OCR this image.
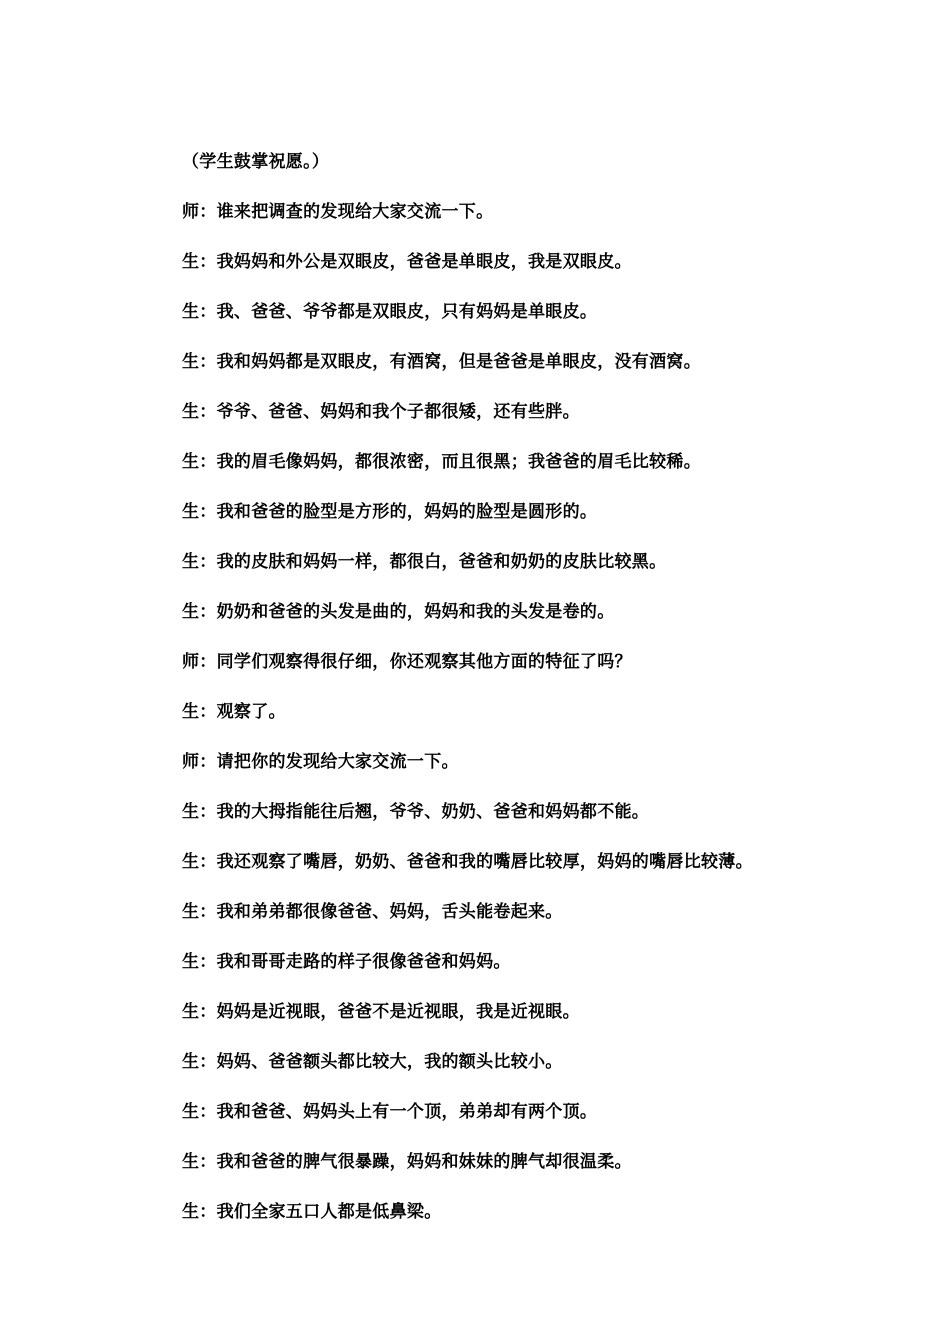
（学生鼓掌祝愿。）
师：谁来把调查的发现给大家交流一下。
生：我妈妈和外公是双眼皮，爸爸是单眼皮，我是双眼皮。
生：我、爸爸、爷爷都是双眼皮，只有妈妈是单眼皮。
生：我和妈妈都是双眼皮，有酒窝，但是爸爸是单眼皮，没有酒窝。
生：爷爷、爸爸、妈妈和我个子都很矮，还有些胖。
生：我的眉毛像妈妈，都很浓密，而且很黑；我爸爸的眉毛比较稀。
生：我和爸爸的脸型是方形的，妈妈的脸型是圆形的。
生：我的皮肤和妈妈一样，都很白，爸爸和奶奶的皮肤比较黑。
生：奶奶和爸爸的头发是曲的，妈妈和我的头发是卷的。
师：同学们观察得很仔细，你还观察其他方面的特征了吗？
生：观察了。
师：请把你的发现给大家交流一下。
生：我的大拇指能往后翘，爷爷、奶奶、爸爸和妈妈都不能。
生：我还观察了嘴唇，奶奶、爸爸和我的嘴唇比较厚，妈妈的嘴唇比较薄。
生：我和弟弟都很像爸爸、妈妈，舌头能卷起来。
生：我和哥哥走路的样子很像爸爸和妈妈。
生：妈妈是近视眼，爸爸不是近视眼，我是近视眼。
生：妈妈、爸爸额头都比较大，我的额头比较小。
生：我和爸爸、妈妈头上有一个顶，弟弟却有两个顶。
生：我和爸爸的脾气很暴躁，妈妈和妹妹的脾气却很温柔。
生：我们全家五口人都是低鼻梁。
